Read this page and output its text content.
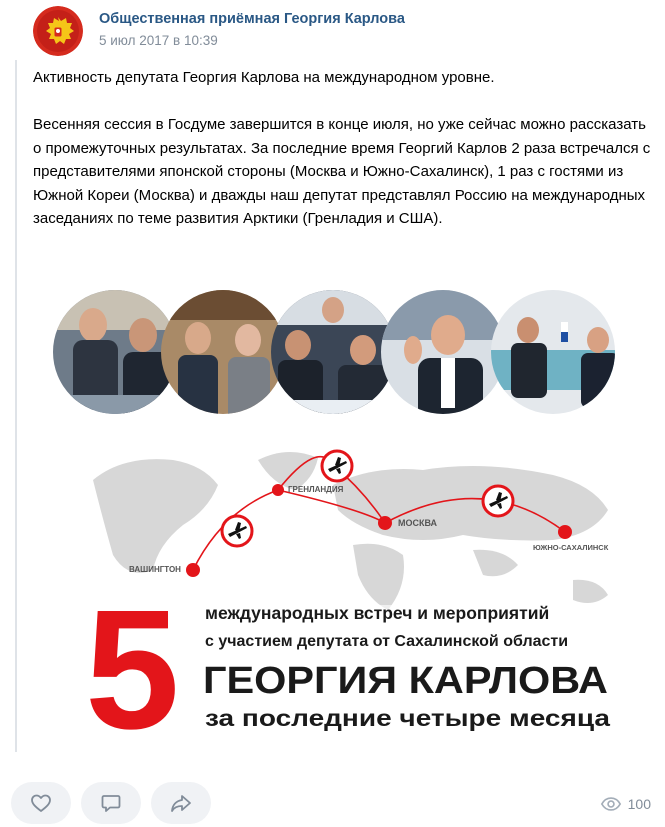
Общественная приёмная Георгия Карлова
5 июл 2017 в 10:39
Активность депутата Георгия Карлова на международном уровне.

Весенняя сессия в Госдуме завершится в конце июля, но уже сейчас можно рассказать о промежуточных результатах. За последние время Георгий Карлов 2 раза встречался с представителями японской стороны (Москва и Южно-Сахалинск), 1 раз с гостями из Южной Кореи (Москва) и дважды наш депутат представлял Россию на международных заседаниях по теме развития Арктики (Гренладия и США).
ВАШИНГТОН
ГРЕНЛАНДИЯ
МОСКВА
ЮЖНО-САХАЛИНСК
5 международных встреч и мероприятий
с участием депутата от Сахалинской области
ГЕОРГИЯ КАРЛОВА
за последние четыре месяца
100
